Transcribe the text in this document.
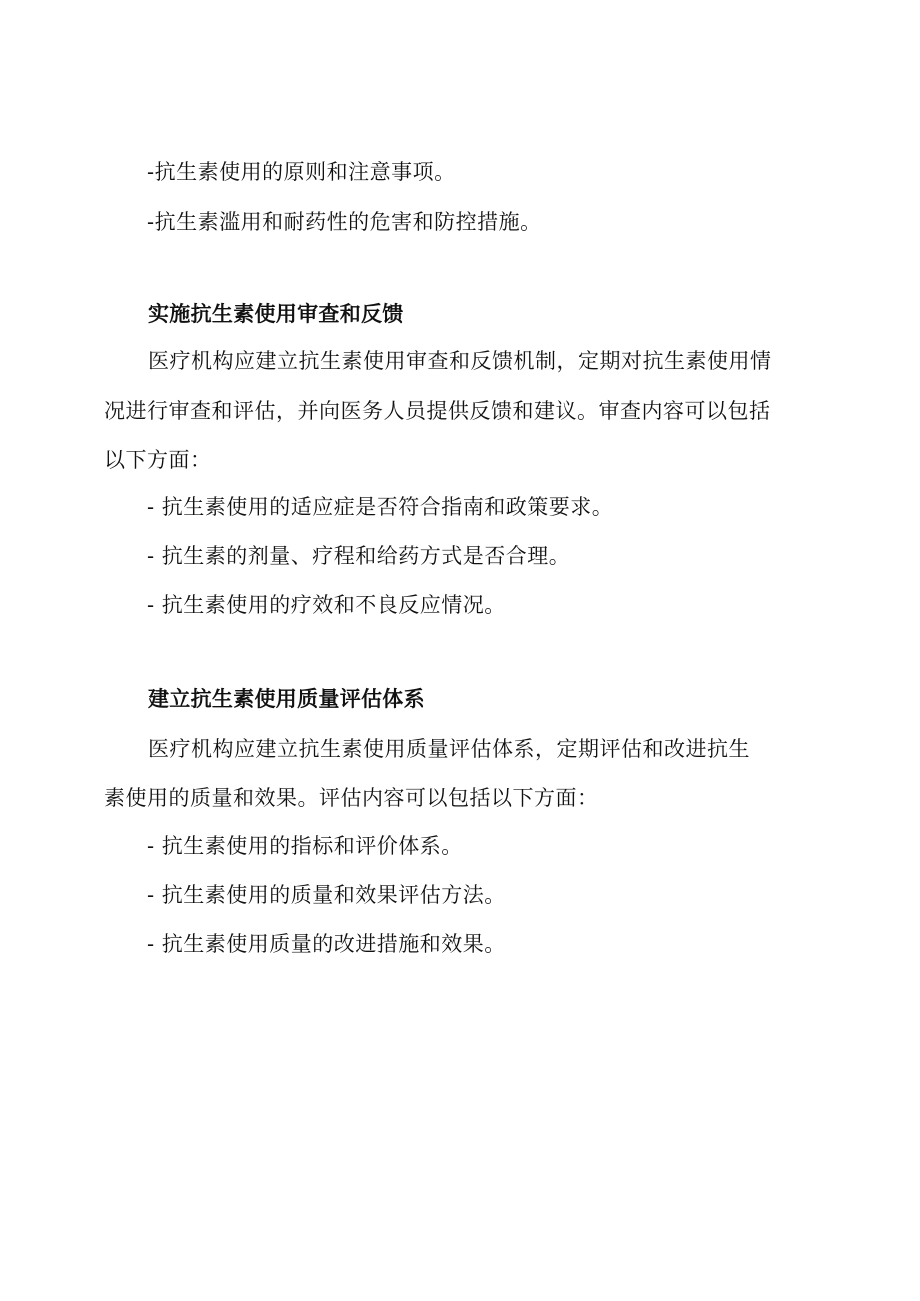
-抗生素使用的原则和注意事项。
-抗生素滥用和耐药性的危害和防控措施。
实施抗生素使用审查和反馈
医疗机构应建立抗生素使用审查和反馈机制，定期对抗生素使用情
况进行审查和评估，并向医务人员提供反馈和建议。审查内容可以包括
以下方面：
- 抗生素使用的适应症是否符合指南和政策要求。
- 抗生素的剂量、疗程和给药方式是否合理。
- 抗生素使用的疗效和不良反应情况。
建立抗生素使用质量评估体系
医疗机构应建立抗生素使用质量评估体系，定期评估和改进抗生
素使用的质量和效果。评估内容可以包括以下方面：
- 抗生素使用的指标和评价体系。
- 抗生素使用的质量和效果评估方法。
- 抗生素使用质量的改进措施和效果。
